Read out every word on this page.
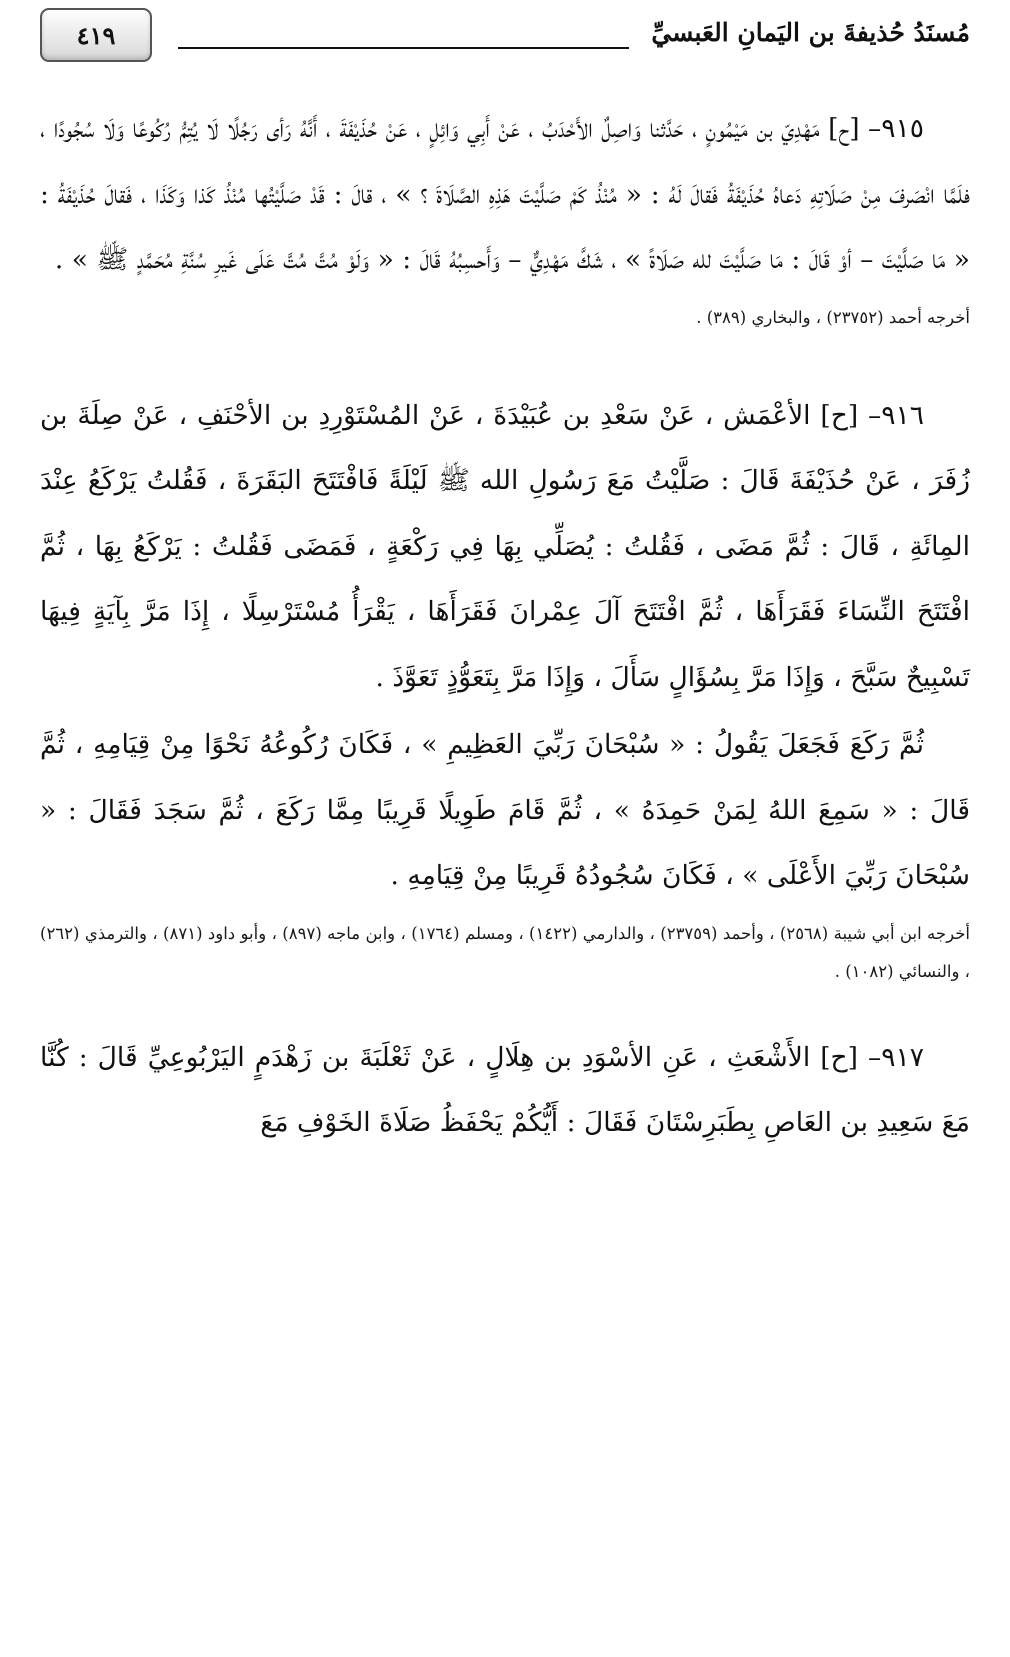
مُسنَدُ حُذيفةَ بن اليَمانِ العَبسيِّ
٤١٩

٩١٥– [ح] مَهْدِيّ بن مَيْمُونٍ ، حَدَّثنا وَاصِلٌ الأَحْدَبُ ، عَنْ أَبِي وَائِلٍ ، عَنْ حُذَيْفَةَ ، أَنَّهُ رَأى رَجُلًا لَا يُتِمُّ رُكُوعًا وَلَا سُجُودًا ، فلَمَّا انْصَرفَ مِنْ صَلَاتِهِ دَعاهُ حُذَيْفَةُ فَقالَ لَهُ : « مُنْذُ كَمْ صَلَّيْتَ هَذِهِ الصَّلَاةَ ؟ » ، قالَ : قَدْ صَلَّيْتُها مُنْذُ كَذا وَكَذَا ، فَقالَ حُذَيْفَةُ : « مَا صَلَّيْتَ – أوْ قَالَ : مَا صَلَّيْتَ لله صَلَاةً » ، شَكَّ مَهْدِيٌّ – وَأَحسِبُهُ قَالَ : « وَلَوْ مُتَّ مُتَّ عَلَى غَيرِ سُنَّةِ مُحَمَّدٍ ﷺ » .

أخرجه أحمد (٢٣٧٥٢) ، والبخاري (٣٨٩) .

٩١٦– [ح] الأعْمَش ، عَنْ سَعْدِ بن عُبَيْدَةَ ، عَنْ المُسْتَوْرِدِ بن الأحْنَفِ ، عَنْ صِلَةَ بن زُفَرَ ، عَنْ حُذَيْفَةَ قَالَ : صَلَّيْتُ مَعَ رَسُولِ الله ﷺ لَيْلَةً فَافْتَتَحَ البَقَرَةَ ، فَقُلتُ يَرْكَعُ عِنْدَ المِائَةِ ، قَالَ : ثُمَّ مَضَى ، فَقُلتُ : يُصَلِّي بِهَا فِي رَكْعَةٍ ، فَمَضَى فَقُلتُ : يَرْكَعُ بِهَا ، ثُمَّ افْتَتَحَ النِّسَاءَ فَقَرَأَهَا ، ثُمَّ افْتَتَحَ آلَ عِمْرانَ فَقَرَأَهَا ، يَقْرَأُ مُسْتَرْسِلًا ، إِذَا مَرَّ بِآيَةٍ فِيهَا تَسْبِيحٌ سَبَّحَ ، وَإِذَا مَرَّ بِسُؤَالٍ سَأَلَ ، وَإِذَا مَرَّ بِتَعَوُّذٍ تَعَوَّذَ .

ثُمَّ رَكَعَ فَجَعَلَ يَقُولُ : « سُبْحَانَ رَبِّيَ العَظِيمِ » ، فَكَانَ رُكُوعُهُ نَحْوًا مِنْ قِيَامِهِ ، ثُمَّ قَالَ : « سَمِعَ اللهُ لِمَنْ حَمِدَهُ » ، ثُمَّ قَامَ طَوِيلًا قَرِيبًا مِمَّا رَكَعَ ، ثُمَّ سَجَدَ فَقَالَ : « سُبْحَانَ رَبِّيَ الأَعْلَى » ، فَكَانَ سُجُودُهُ قَرِيبًا مِنْ قِيَامِهِ .

أخرجه ابن أبي شيبة (٢٥٦٨) ، وأحمد (٢٣٧٥٩) ، والدارمي (١٤٢٢) ، ومسلم (١٧٦٤) ، وابن ماجه (٨٩٧) ، وأبو داود (٨٧١) ، والترمذي (٢٦٢) ، والنسائي (١٠٨٢) .

٩١٧– [ح] الأَشْعَثِ ، عَنِ الأسْوَدِ بن هِلَالٍ ، عَنْ ثَعْلَبَةَ بن زَهْدَمٍ اليَرْبُوعِيِّ قَالَ : كُنَّا مَعَ سَعِيدِ بن العَاصِ بِطَبَرِسْتَانَ فَقَالَ : أَيُّكُمْ يَحْفَظُ صَلَاةَ الخَوْفِ مَعَ
